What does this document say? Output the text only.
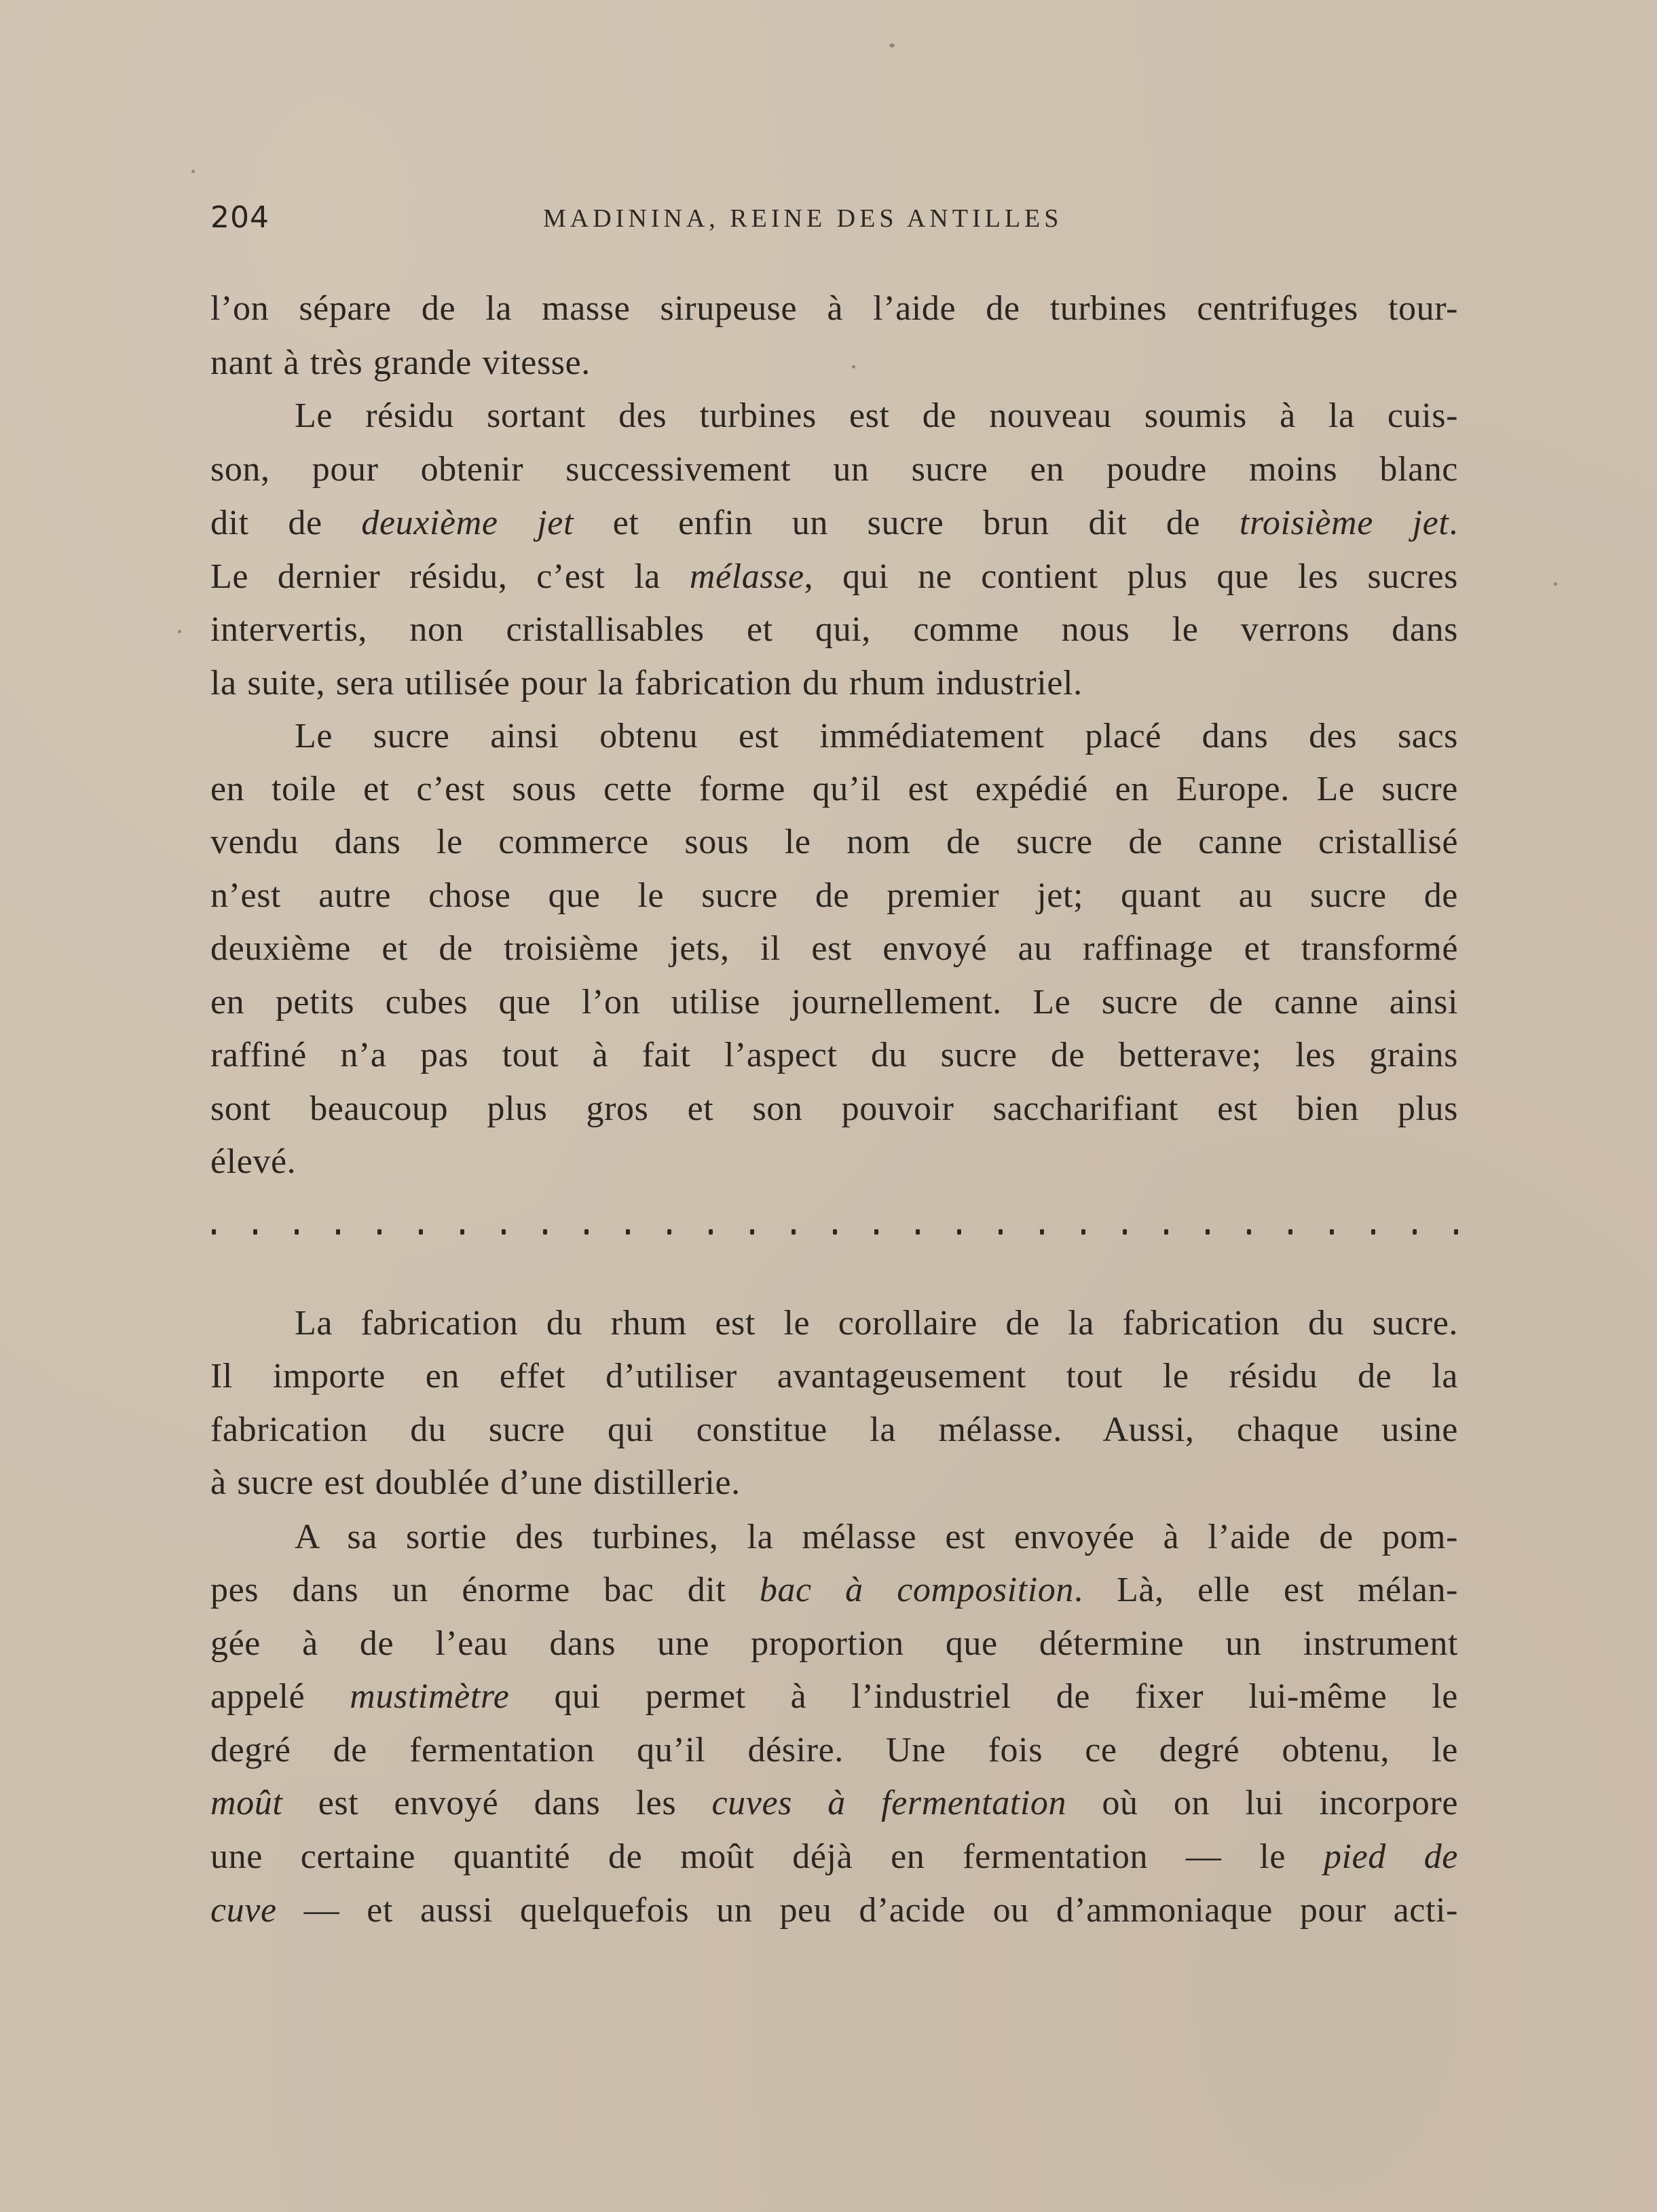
204	MADININA, REINE DES ANTILLES
l’on sépare de la masse sirupeuse à l’aide de turbines centrifuges tour-
nant à très grande vitesse.
Le résidu sortant des turbines est de nouveau soumis à la cuis-
son, pour obtenir successivement un sucre en poudre moins blanc
dit de deuxième jet et enfin un sucre brun dit de troisième jet.
Le dernier résidu, c’est la mélasse, qui ne contient plus que les sucres
intervertis, non cristallisables et qui, comme nous le verrons dans
la suite, sera utilisée pour la fabrication du rhum industriel.
Le sucre ainsi obtenu est immédiatement placé dans des sacs
en toile et c’est sous cette forme qu’il est expédié en Europe. Le sucre
vendu dans le commerce sous le nom de sucre de canne cristallisé
n’est autre chose que le sucre de premier jet; quant au sucre de
deuxième et de troisième jets, il est envoyé au raffinage et transformé
en petits cubes que l’on utilise journellement. Le sucre de canne ainsi
raffiné n’a pas tout à fait l’aspect du sucre de betterave; les grains
sont beaucoup plus gros et son pouvoir saccharifiant est bien plus
élevé.
La fabrication du rhum est le corollaire de la fabrication du sucre.
Il importe en effet d’utiliser avantageusement tout le résidu de la
fabrication du sucre qui constitue la mélasse. Aussi, chaque usine
à sucre est doublée d’une distillerie.
A sa sortie des turbines, la mélasse est envoyée à l’aide de pom-
pes dans un énorme bac dit bac à composition. Là, elle est mélan-
gée à de l’eau dans une proportion que détermine un instrument
appelé mustimètre qui permet à l’industriel de fixer lui-même le
degré de fermentation qu’il désire. Une fois ce degré obtenu, le
moût est envoyé dans les cuves à fermentation où on lui incorpore
une certaine quantité de moût déjà en fermentation — le pied de
cuve — et aussi quelquefois un peu d’acide ou d’ammoniaque pour acti-
